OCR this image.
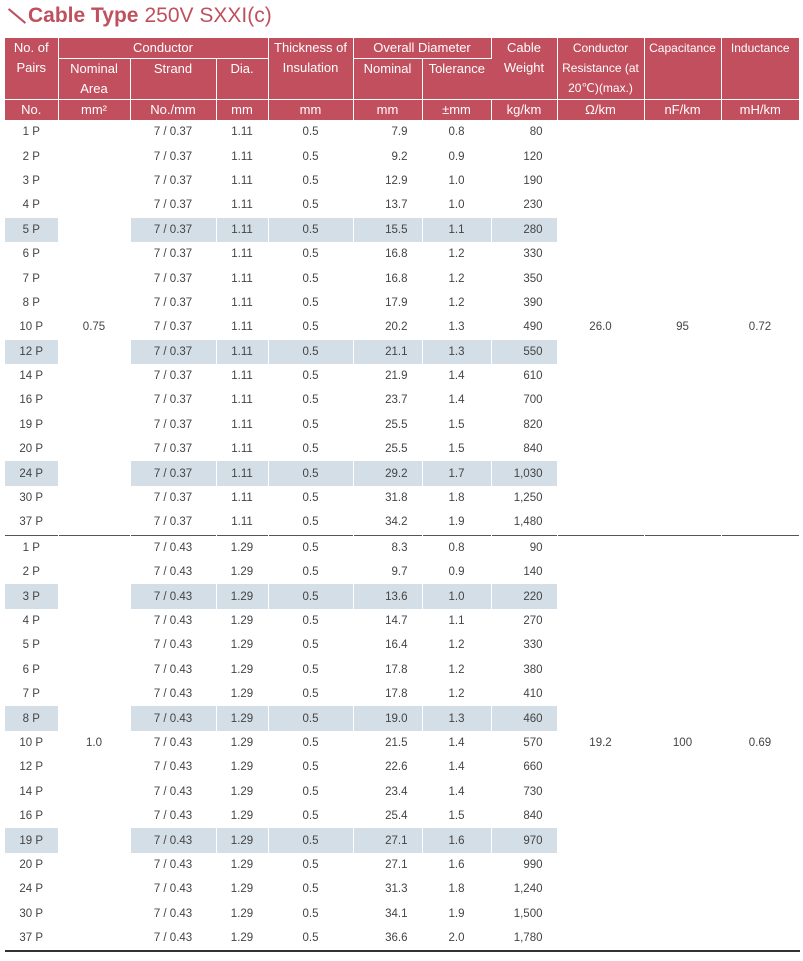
Cable Type 250V SXXI(c)
No. of Pairs	Conductor			Thickness of Insulation	Overall Diameter		Cable Weight	Conductor Resistance (at 20℃)(max.)	Capacitance	Inductance
	Nominal Area	Strand	Dia.		Nominal	Tolerance				
No.	mm²	No./mm	mm	mm	mm	±mm	kg/km	Ω/km	nF/km	mH/km
1 P		7 / 0.37	1.11	0.5	7.9	0.8	80			
2 P		7 / 0.37	1.11	0.5	9.2	0.9	120			
3 P		7 / 0.37	1.11	0.5	12.9	1.0	190			
4 P		7 / 0.37	1.11	0.5	13.7	1.0	230			
5 P		7 / 0.37	1.11	0.5	15.5	1.1	280			
6 P		7 / 0.37	1.11	0.5	16.8	1.2	330			
7 P		7 / 0.37	1.11	0.5	16.8	1.2	350			
8 P		7 / 0.37	1.11	0.5	17.9	1.2	390			
10 P	0.75	7 / 0.37	1.11	0.5	20.2	1.3	490	26.0	95	0.72
12 P		7 / 0.37	1.11	0.5	21.1	1.3	550			
14 P		7 / 0.37	1.11	0.5	21.9	1.4	610			
16 P		7 / 0.37	1.11	0.5	23.7	1.4	700			
19 P		7 / 0.37	1.11	0.5	25.5	1.5	820			
20 P		7 / 0.37	1.11	0.5	25.5	1.5	840			
24 P		7 / 0.37	1.11	0.5	29.2	1.7	1,030			
30 P		7 / 0.37	1.11	0.5	31.8	1.8	1,250			
37 P		7 / 0.37	1.11	0.5	34.2	1.9	1,480			
1 P		7 / 0.43	1.29	0.5	8.3	0.8	90			
2 P		7 / 0.43	1.29	0.5	9.7	0.9	140			
3 P		7 / 0.43	1.29	0.5	13.6	1.0	220			
4 P		7 / 0.43	1.29	0.5	14.7	1.1	270			
5 P		7 / 0.43	1.29	0.5	16.4	1.2	330			
6 P		7 / 0.43	1.29	0.5	17.8	1.2	380			
7 P		7 / 0.43	1.29	0.5	17.8	1.2	410			
8 P		7 / 0.43	1.29	0.5	19.0	1.3	460			
10 P	1.0	7 / 0.43	1.29	0.5	21.5	1.4	570	19.2	100	0.69
12 P		7 / 0.43	1.29	0.5	22.6	1.4	660			
14 P		7 / 0.43	1.29	0.5	23.4	1.4	730			
16 P		7 / 0.43	1.29	0.5	25.4	1.5	840			
19 P		7 / 0.43	1.29	0.5	27.1	1.6	970			
20 P		7 / 0.43	1.29	0.5	27.1	1.6	990			
24 P		7 / 0.43	1.29	0.5	31.3	1.8	1,240			
30 P		7 / 0.43	1.29	0.5	34.1	1.9	1,500			
37 P		7 / 0.43	1.29	0.5	36.6	2.0	1,780			
